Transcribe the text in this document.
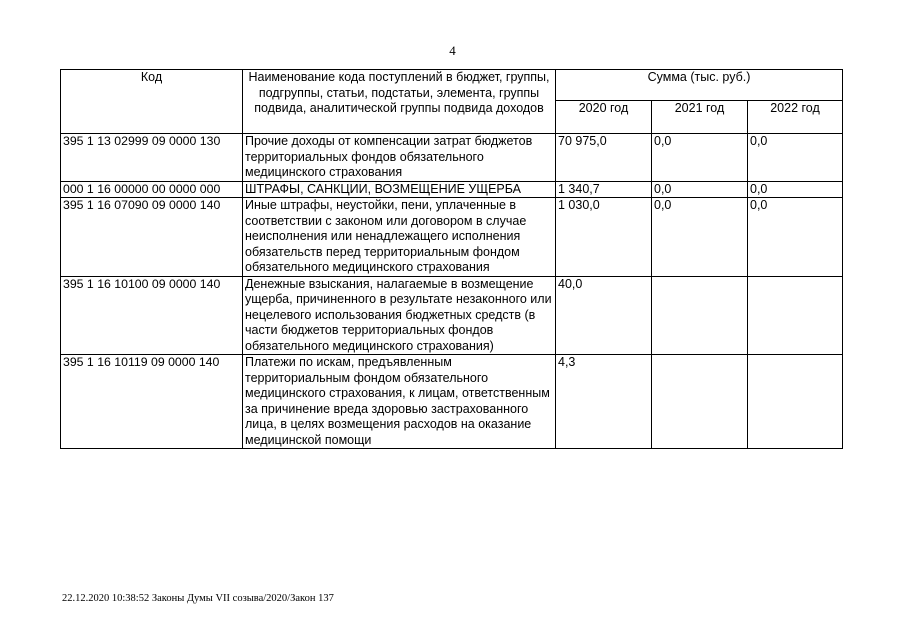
4
Код	Наименование кода поступлений в бюджет, группы, подгруппы, статьи, подстатьи, элемента, группы подвида, аналитической группы подвида доходов	Сумма (тыс. руб.)		
		2020 год	2021 год	2022 год
395 1 13 02999 09 0000 130	Прочие доходы от компенсации затрат бюджетов территориальных фондов обязательного медицинского страхования	70 975,0	0,0	0,0
000 1 16 00000 00 0000 000	ШТРАФЫ, САНКЦИИ, ВОЗМЕЩЕНИЕ УЩЕРБА	1 340,7	0,0	0,0
395 1 16 07090 09 0000 140	Иные штрафы, неустойки, пени, уплаченные в соответствии с законом или договором в случае неисполнения или ненадлежащего исполнения обязательств перед территориальным фондом обязательного медицинского страхования	1 030,0	0,0	0,0
395 1 16 10100 09 0000 140	Денежные взыскания, налагаемые в возмещение ущерба, причиненного в результате незаконного или нецелевого использования бюджетных средств (в части бюджетов территориальных фондов обязательного медицинского страхования)	40,0		
395 1 16 10119 09 0000 140	Платежи по искам, предъявленным территориальным фондом обязательного медицинского страхования, к лицам, ответственным за причинение вреда здоровью застрахованного лица, в целях возмещения расходов на оказание медицинской помощи	4,3		
22.12.2020 10:38:52 Законы Думы VII созыва/2020/Закон 137
